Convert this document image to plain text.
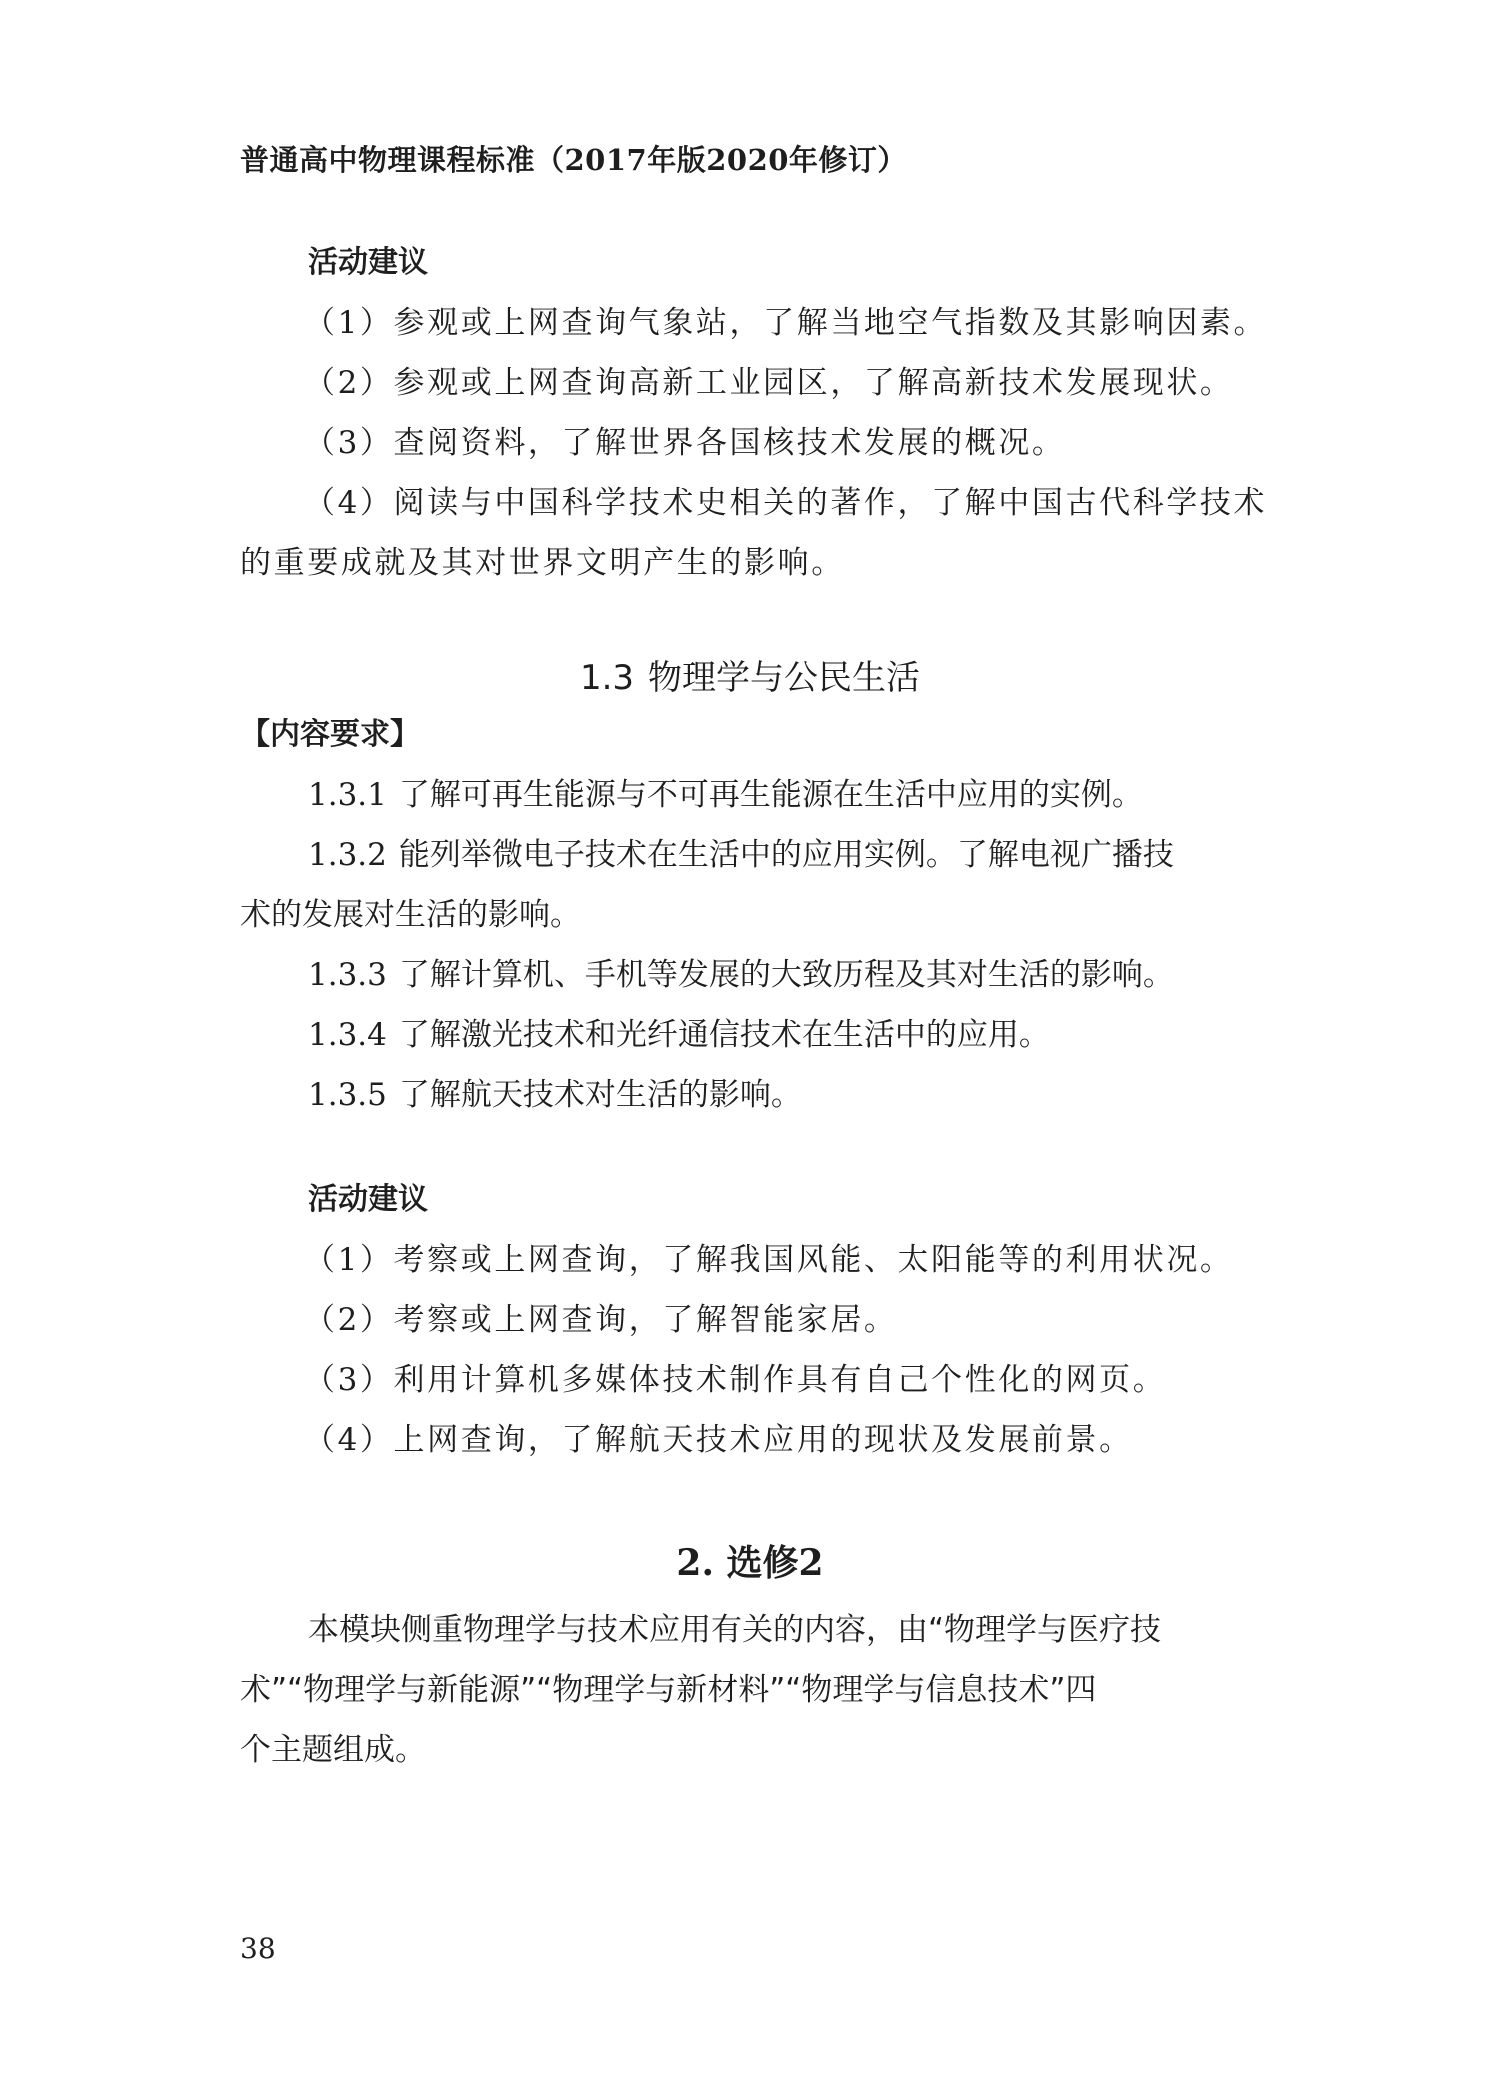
普通高中物理课程标准（2017年版2020年修订）
活动建议
（1）参观或上网查询气象站，了解当地空气指数及其影响因素。
（2）参观或上网查询高新工业园区，了解高新技术发展现状。
（3）查阅资料，了解世界各国核技术发展的概况。
（4）阅读与中国科学技术史相关的著作，了解中国古代科学技术
的重要成就及其对世界文明产生的影响。
1.3 物理学与公民生活
【内容要求】
1.3.1 了解可再生能源与不可再生能源在生活中应用的实例。
1.3.2 能列举微电子技术在生活中的应用实例。了解电视广播技
术的发展对生活的影响。
1.3.3 了解计算机、手机等发展的大致历程及其对生活的影响。
1.3.4 了解激光技术和光纤通信技术在生活中的应用。
1.3.5 了解航天技术对生活的影响。
活动建议
（1）考察或上网查询，了解我国风能、太阳能等的利用状况。
（2）考察或上网查询，了解智能家居。
（3）利用计算机多媒体技术制作具有自己个性化的网页。
（4）上网查询，了解航天技术应用的现状及发展前景。
2. 选修2
本模块侧重物理学与技术应用有关的内容，由“物理学与医疗技
术”“物理学与新能源”“物理学与新材料”“物理学与信息技术”四
个主题组成。
38
